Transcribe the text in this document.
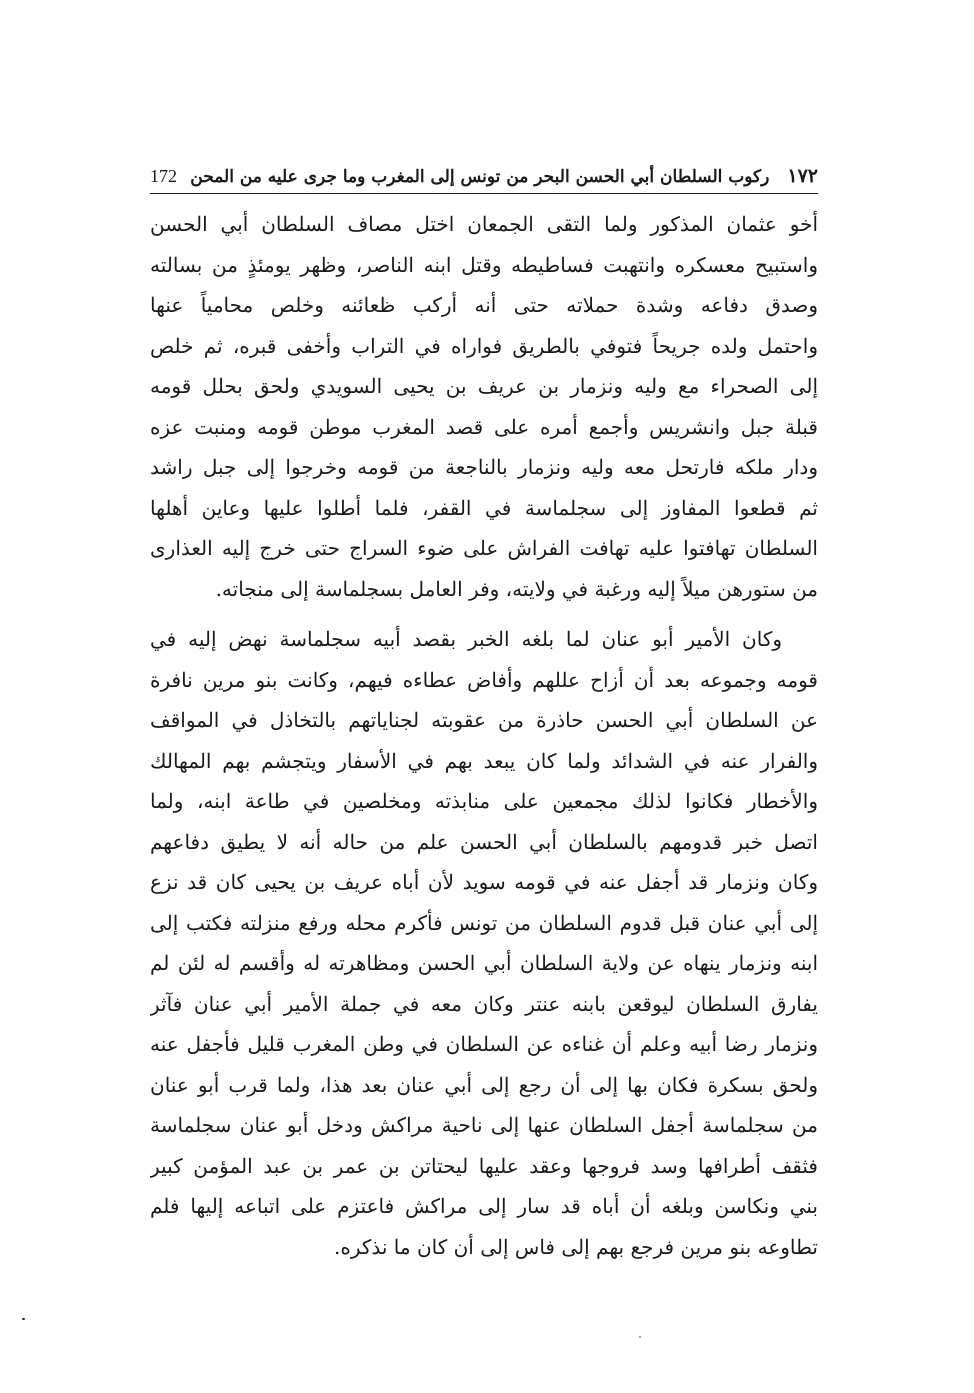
١٧٢
ركوب السلطان أبي الحسن البحر من تونس إلى المغرب وما جرى عليه من المحن
172
أخو عثمان المذكور ولما التقى الجمعان اختل مصاف السلطان أبي الحسن
واستبيح معسكره وانتهبت فساطيطه وقتل ابنه الناصر، وظهر يومئذٍ من بسالته
وصدق دفاعه وشدة حملاته حتى أنه أركب ظعائنه وخلص محامياً عنها
واحتمل ولده جريحاً فتوفي بالطريق فواراه في التراب وأخفى قبره، ثم خلص
إلى الصحراء مع وليه ونزمار بن عريف بن يحيى السويدي ولحق بحلل قومه
قبلة جبل وانشريس وأجمع أمره على قصد المغرب موطن قومه ومنبت عزه
ودار ملكه فارتحل معه وليه ونزمار بالناجعة من قومه وخرجوا إلى جبل راشد
ثم قطعوا المفاوز إلى سجلماسة في القفر، فلما أطلوا عليها وعاين أهلها
السلطان تهافتوا عليه تهافت الفراش على ضوء السراج حتى خرج إليه العذارى
من ستورهن ميلاً إليه ورغبة في ولايته، وفر العامل بسجلماسة إلى منجاته.
وكان الأمير أبو عنان لما بلغه الخبر بقصد أبيه سجلماسة نهض إليه في
قومه وجموعه بعد أن أزاح عللهم وأفاض عطاءه فيهم، وكانت بنو مرين نافرة
عن السلطان أبي الحسن حاذرة من عقوبته لجناياتهم بالتخاذل في المواقف
والفرار عنه في الشدائد ولما كان يبعد بهم في الأسفار ويتجشم بهم المهالك
والأخطار فكانوا لذلك مجمعين على منابذته ومخلصين في طاعة ابنه، ولما
اتصل خبر قدومهم بالسلطان أبي الحسن علم من حاله أنه لا يطيق دفاعهم
وكان ونزمار قد أجفل عنه في قومه سويد لأن أباه عريف بن يحيى كان قد نزع
إلى أبي عنان قبل قدوم السلطان من تونس فأكرم محله ورفع منزلته فكتب إلى
ابنه ونزمار ينهاه عن ولاية السلطان أبي الحسن ومظاهرته له وأقسم له لئن لم
يفارق السلطان ليوقعن بابنه عنتر وكان معه في جملة الأمير أبي عنان فآثر
ونزمار رضا أبيه وعلم أن غناءه عن السلطان في وطن المغرب قليل فأجفل عنه
ولحق بسكرة فكان بها إلى أن رجع إلى أبي عنان بعد هذا، ولما قرب أبو عنان
من سجلماسة أجفل السلطان عنها إلى ناحية مراكش ودخل أبو عنان سجلماسة
فثقف أطرافها وسد فروجها وعقد عليها ليحتاتن بن عمر بن عبد المؤمن كبير
بني ونكاسن وبلغه أن أباه قد سار إلى مراكش فاعتزم على اتباعه إليها فلم
تطاوعه بنو مرين فرجع بهم إلى فاس إلى أن كان ما نذكره.
